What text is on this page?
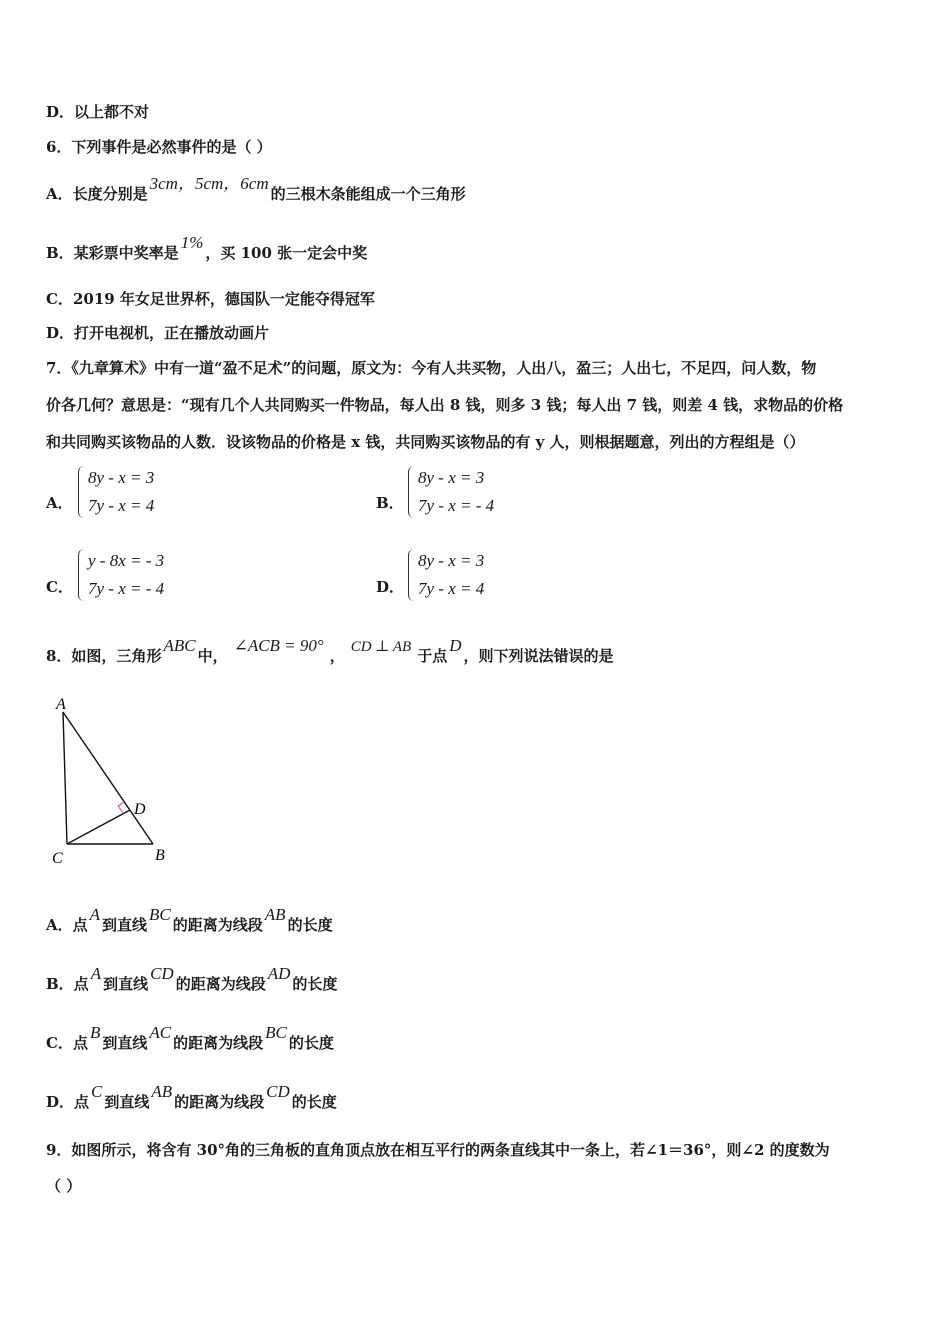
D．以上都不对
6．下列事件是必然事件的是（ ）
A．长度分别是3cm，5cm，6cm的三根木条能组成一个三角形
B．某彩票中奖率是1%，买 100 张一定会中奖
C．2019 年女足世界杯，德国队一定能夺得冠军
D．打开电视机，正在播放动画片
7．《九章算术》中有一道“盈不足术”的问题，原文为：今有人共买物，人出八，盈三；人出七，不足四，问人数，物
价各几何？意思是：“现有几个人共同购买一件物品，每人出 8 钱，则多 3 钱；每人出 7 钱，则差 4 钱，求物品的价格
和共同购买该物品的人数．设该物品的价格是 x 钱，共同购买该物品的有 y 人，则根据题意，列出的方程组是（）
A．
8y - x = 3
7y - x = 4	B．
8y - x = 3
7y - x = - 4
C．
y - 8x = - 3
7y - x = - 4	D．
8y - x = 3
7y - x = 4
8．如图，三角形ABC中，∠ACB = 90°， CD ⊥ AB 于点D，则下列说法错误的是
A
B
C
D
A．点A到直线BC的距离为线段AB的长度
B．点A到直线CD的距离为线段AD的长度
C．点B到直线AC的距离为线段BC的长度
D．点C到直线AB的距离为线段CD的长度
9．如图所示，将含有 30°角的三角板的直角顶点放在相互平行的两条直线其中一条上，若∠1＝36°，则∠2 的度数为
（ ）
